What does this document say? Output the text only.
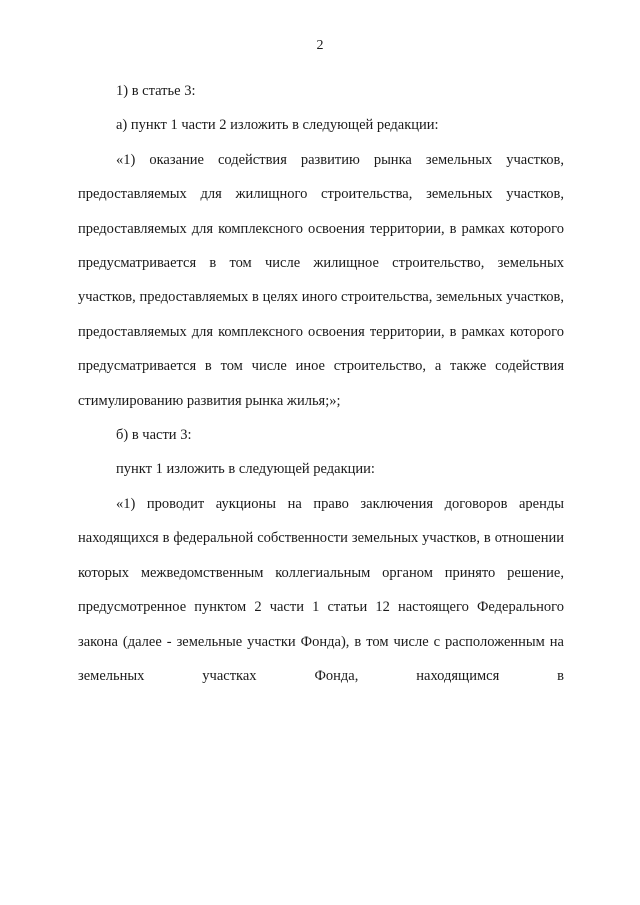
2

1) в статье 3:

а) пункт 1 части 2 изложить в следующей редакции:

«1) оказание содействия развитию рынка земельных участков, предоставляемых для жилищного строительства, земельных участков, предоставляемых для комплексного освоения территории, в рамках которого предусматривается в том числе жилищное строительство, земельных участков, предоставляемых в целях иного строительства, земельных участков, предоставляемых для комплексного освоения территории, в рамках которого предусматривается в том числе иное строительство, а также содействия стимулированию развития рынка жилья;»;

б) в части 3:

пункт 1 изложить в следующей редакции:

«1) проводит аукционы на право заключения договоров аренды находящихся в федеральной собственности земельных участков, в отношении которых межведомственным коллегиальным органом принято решение, предусмотренное пунктом 2 части 1 статьи 12 настоящего Федерального закона (далее - земельные участки Фонда), в том числе с расположенным на земельных участках Фонда, находящимся в
